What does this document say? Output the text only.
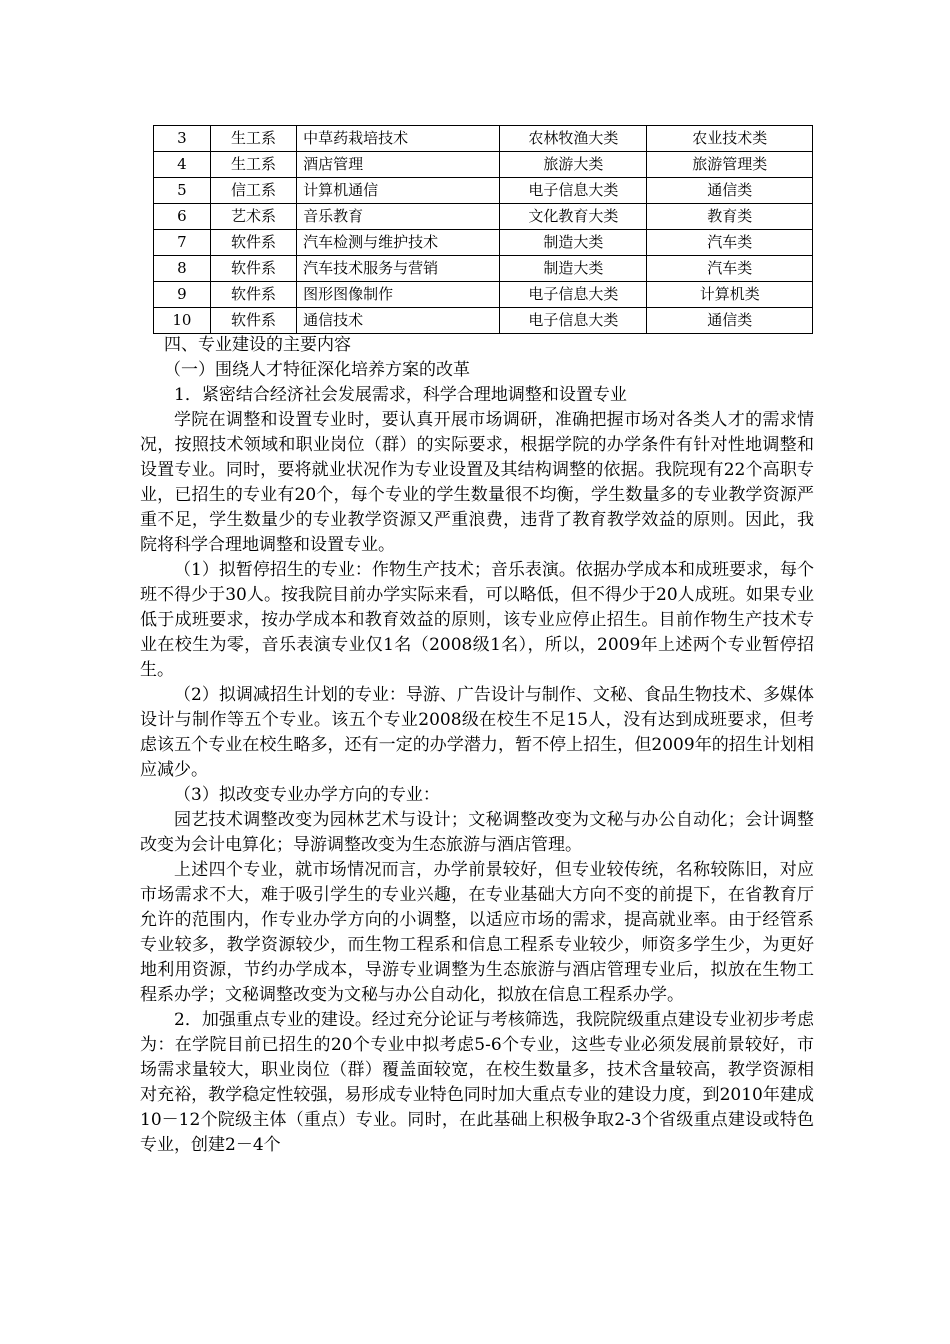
3	生工系	中草药栽培技术	农林牧渔大类	农业技术类
4	生工系	酒店管理	旅游大类	旅游管理类
5	信工系	计算机通信	电子信息大类	通信类
6	艺术系	音乐教育	文化教育大类	教育类
7	软件系	汽车检测与维护技术	制造大类	汽车类
8	软件系	汽车技术服务与营销	制造大类	汽车类
9	软件系	图形图像制作	电子信息大类	计算机类
10	软件系	通信技术	电子信息大类	通信类

四、专业建设的主要内容

（一）围绕人才特征深化培养方案的改革

1．紧密结合经济社会发展需求，科学合理地调整和设置专业

学院在调整和设置专业时，要认真开展市场调研，准确把握市场对各类人才的需求情况，按照技术领域和职业岗位（群）的实际要求，根据学院的办学条件有针对性地调整和设置专业。同时，要将就业状况作为专业设置及其结构调整的依据。我院现有22个高职专业，已招生的专业有20个，每个专业的学生数量很不均衡，学生数量多的专业教学资源严重不足，学生数量少的专业教学资源又严重浪费，违背了教育教学效益的原则。因此，我院将科学合理地调整和设置专业。

（1）拟暂停招生的专业：作物生产技术；音乐表演。依据办学成本和成班要求，每个班不得少于30人。按我院目前办学实际来看，可以略低，但不得少于20人成班。如果专业低于成班要求，按办学成本和教育效益的原则，该专业应停止招生。目前作物生产技术专业在校生为零，音乐表演专业仅1名（2008级1名），所以，2009年上述两个专业暂停招生。

（2）拟调减招生计划的专业：导游、广告设计与制作、文秘、食品生物技术、多媒体设计与制作等五个专业。该五个专业2008级在校生不足15人，没有达到成班要求，但考虑该五个专业在校生略多，还有一定的办学潜力，暂不停上招生，但2009年的招生计划相应减少。

（3）拟改变专业办学方向的专业：

园艺技术调整改变为园林艺术与设计；文秘调整改变为文秘与办公自动化；会计调整改变为会计电算化；导游调整改变为生态旅游与酒店管理。

上述四个专业，就市场情况而言，办学前景较好，但专业较传统，名称较陈旧，对应市场需求不大，难于吸引学生的专业兴趣，在专业基础大方向不变的前提下，在省教育厅允许的范围内，作专业办学方向的小调整，以适应市场的需求，提高就业率。由于经管系专业较多，教学资源较少，而生物工程系和信息工程系专业较少，师资多学生少，为更好地利用资源，节约办学成本，导游专业调整为生态旅游与酒店管理专业后，拟放在生物工程系办学；文秘调整改变为文秘与办公自动化，拟放在信息工程系办学。

2．加强重点专业的建设。经过充分论证与考核筛选，我院院级重点建设专业初步考虑为：在学院目前已招生的20个专业中拟考虑5-6个专业，这些专业必须发展前景较好，市场需求量较大，职业岗位（群）覆盖面较宽，在校生数量多，技术含量较高，教学资源相对充裕，教学稳定性较强，易形成专业特色同时加大重点专业的建设力度，到2010年建成10－12个院级主体（重点）专业。同时，在此基础上积极争取2-3个省级重点建设或特色专业，创建2－4个
